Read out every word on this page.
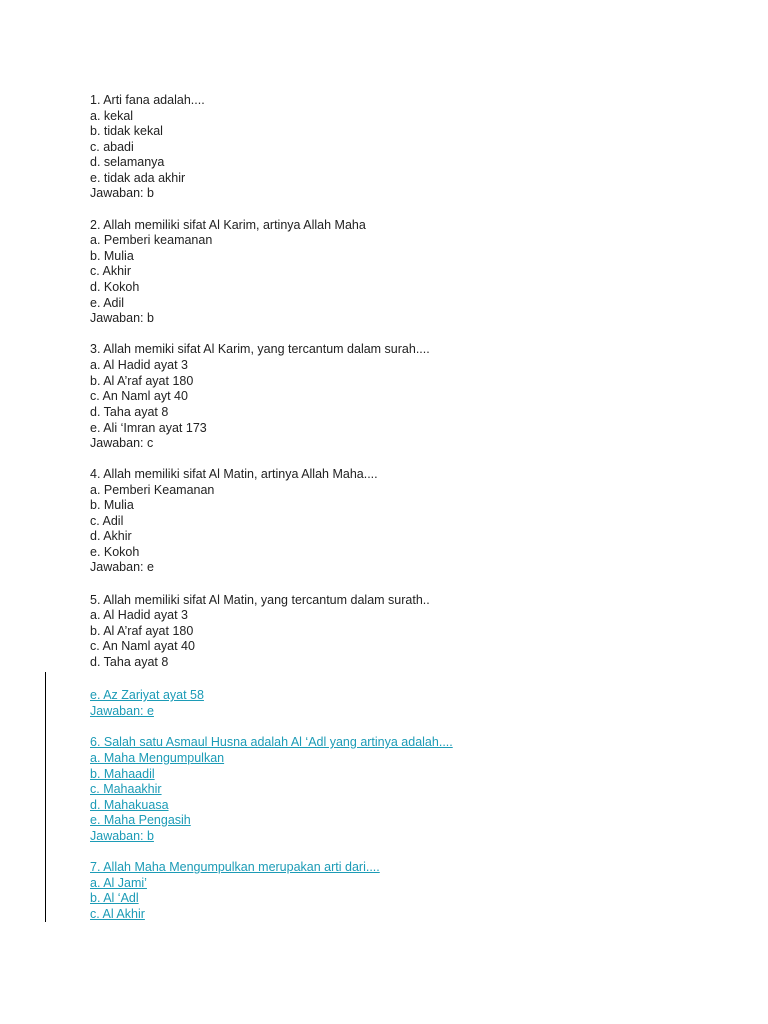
1. Arti fana adalah....
a. kekal
b. tidak kekal
c. abadi
d. selamanya
e. tidak ada akhir
Jawaban: b
2. Allah memiliki sifat Al Karim, artinya Allah Maha
a. Pemberi keamanan
b. Mulia
c. Akhir
d. Kokoh
e. Adil
Jawaban: b
3. Allah memiki sifat Al Karim, yang tercantum dalam surah....
a. Al Hadid ayat 3
b. Al A’raf ayat 180
c. An Naml ayt 40
d. Taha ayat 8
e. Ali ‘Imran ayat 173
Jawaban: c
4. Allah memiliki sifat Al Matin, artinya Allah Maha....
a. Pemberi Keamanan
b. Mulia
c. Adil
d. Akhir
e. Kokoh
Jawaban: e
5. Allah memiliki sifat Al Matin, yang tercantum dalam surath..
a. Al Hadid ayat 3
b. Al A’raf ayat 180
c. An Naml ayat 40
d. Taha ayat 8
e. Az Zariyat ayat 58
Jawaban: e
6. Salah satu Asmaul Husna adalah Al ‘Adl yang artinya adalah....
a. Maha Mengumpulkan
b. Mahaadil
c. Mahaakhir
d. Mahakuasa
e. Maha Pengasih
Jawaban: b
7. Allah Maha Mengumpulkan merupakan arti dari....
a. Al Jami’
b. Al ‘Adl
c. Al Akhir
